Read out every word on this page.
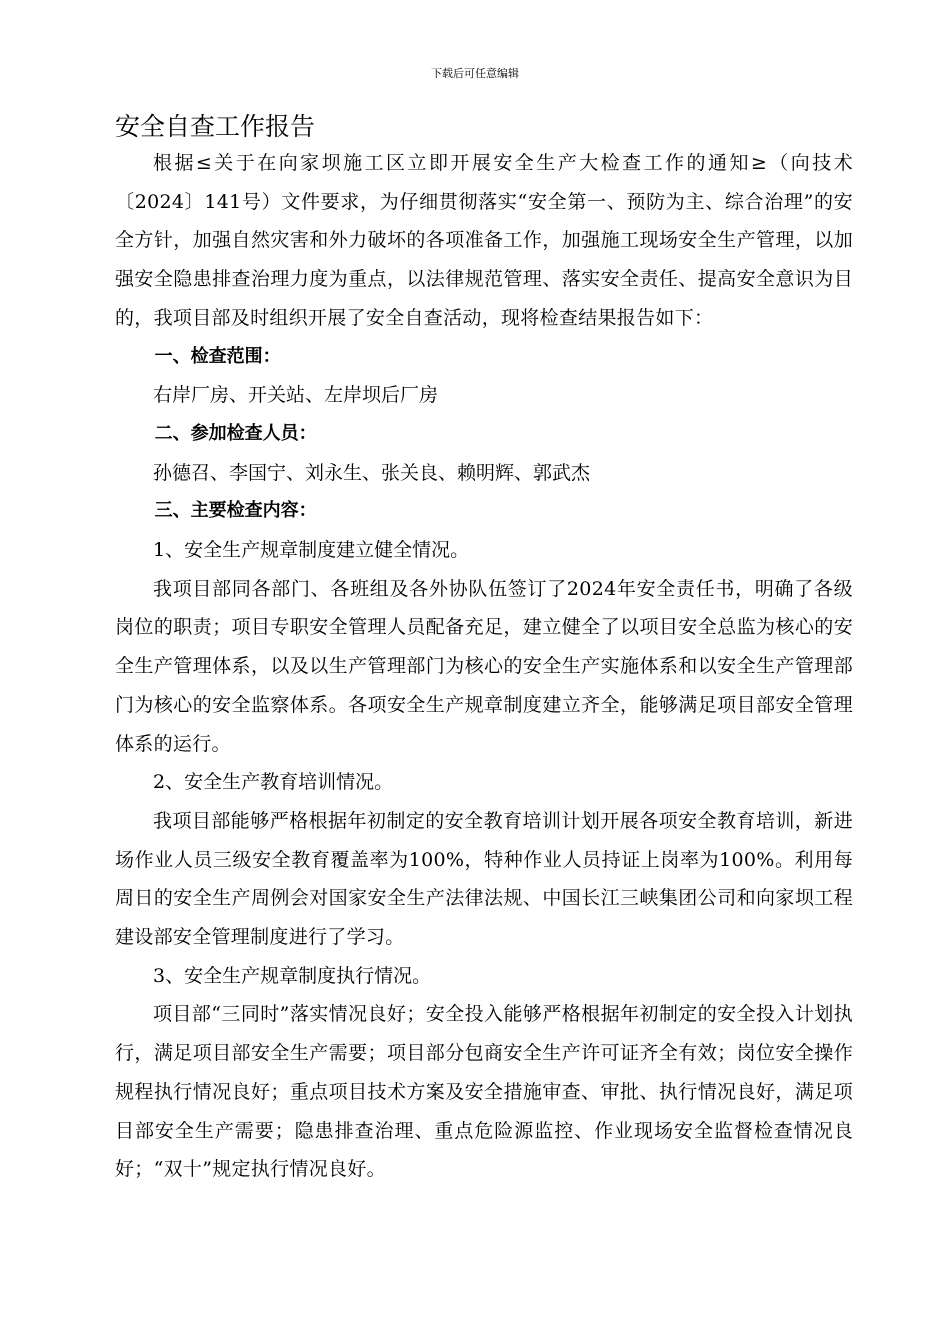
下载后可任意编辑
安全自查工作报告

根据≤关于在向家坝施工区立即开展安全生产大检查工作的通知≥（向技术〔2024〕141号）文件要求，为仔细贯彻落实“安全第一、预防为主、综合治理”的安全方针，加强自然灾害和外力破坏的各项准备工作，加强施工现场安全生产管理，以加强安全隐患排查治理力度为重点，以法律规范管理、落实安全责任、提高安全意识为目的，我项目部及时组织开展了安全自查活动，现将检查结果报告如下：

一、检查范围：

右岸厂房、开关站、左岸坝后厂房

二、参加检查人员：

孙德召、李国宁、刘永生、张关良、赖明辉、郭武杰

三、主要检查内容：

1、安全生产规章制度建立健全情况。

我项目部同各部门、各班组及各外协队伍签订了2024年安全责任书，明确了各级岗位的职责；项目专职安全管理人员配备充足，建立健全了以项目安全总监为核心的安全生产管理体系，以及以生产管理部门为核心的安全生产实施体系和以安全生产管理部门为核心的安全监察体系。各项安全生产规章制度建立齐全，能够满足项目部安全管理体系的运行。

2、安全生产教育培训情况。

我项目部能够严格根据年初制定的安全教育培训计划开展各项安全教育培训，新进场作业人员三级安全教育覆盖率为100%，特种作业人员持证上岗率为100%。利用每周日的安全生产周例会对国家安全生产法律法规、中国长江三峡集团公司和向家坝工程建设部安全管理制度进行了学习。

3、安全生产规章制度执行情况。

项目部“三同时”落实情况良好；安全投入能够严格根据年初制定的安全投入计划执行，满足项目部安全生产需要；项目部分包商安全生产许可证齐全有效；岗位安全操作规程执行情况良好；重点项目技术方案及安全措施审查、审批、执行情况良好，满足项目部安全生产需要；隐患排查治理、重点危险源监控、作业现场安全监督检查情况良好；“双十”规定执行情况良好。
